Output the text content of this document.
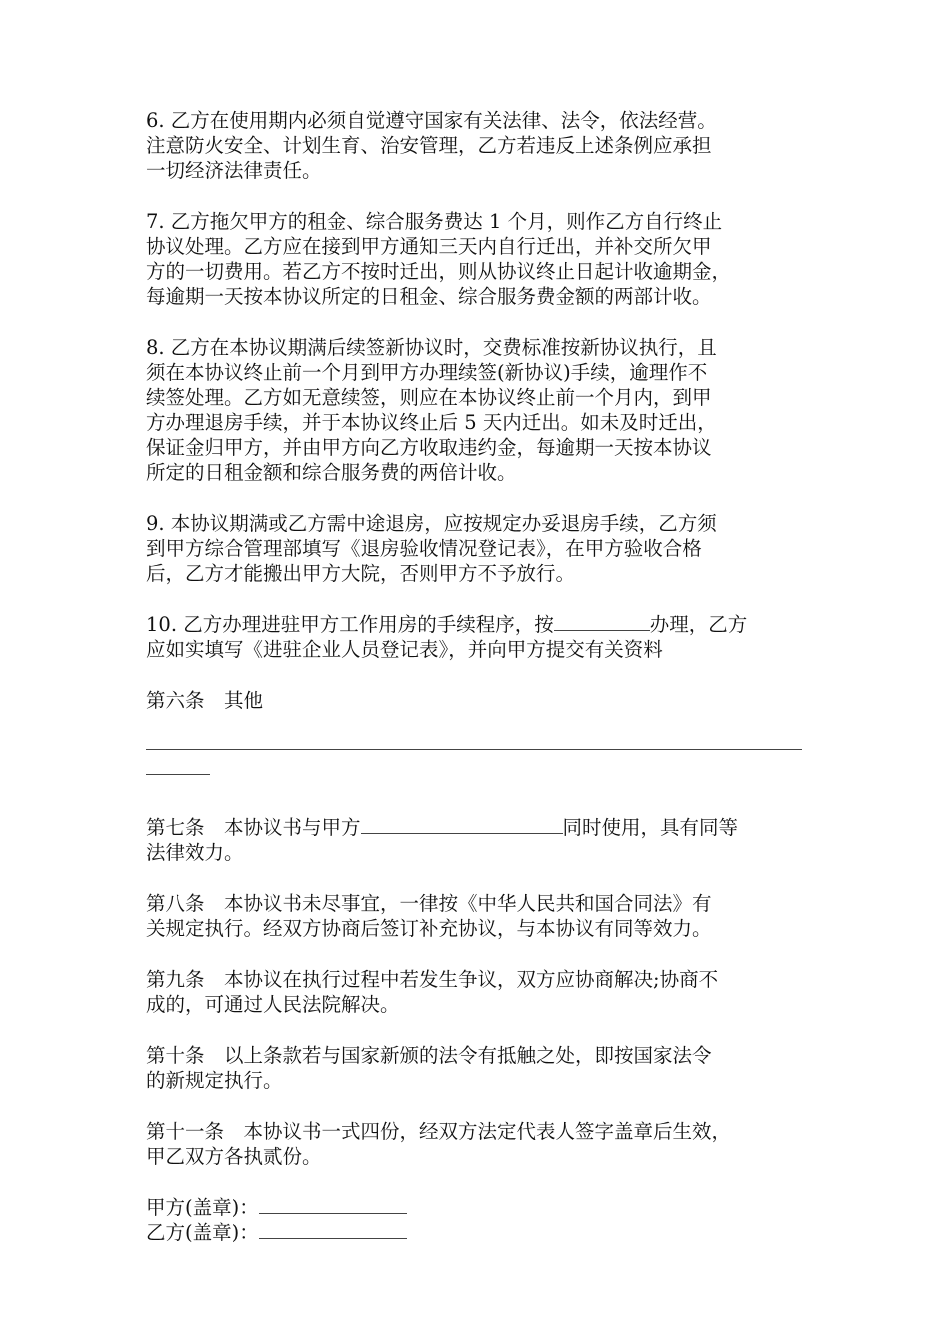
6. 乙方在使用期内必须自觉遵守国家有关法律、法令，依法经营。
注意防火安全、计划生育、治安管理，乙方若违反上述条例应承担
一切经济法律责任。
7. 乙方拖欠甲方的租金、综合服务费达 1 个月，则作乙方自行终止
协议处理。乙方应在接到甲方通知三天内自行迁出，并补交所欠甲
方的一切费用。若乙方不按时迁出，则从协议终止日起计收逾期金，
每逾期一天按本协议所定的日租金、综合服务费金额的两部计收。
8. 乙方在本协议期满后续签新协议时，交费标准按新协议执行，且
须在本协议终止前一个月到甲方办理续签(新协议)手续，逾理作不
续签处理。乙方如无意续签，则应在本协议终止前一个月内，到甲
方办理退房手续，并于本协议终止后 5 天内迁出。如未及时迁出，
保证金归甲方，并由甲方向乙方收取违约金，每逾期一天按本协议
所定的日租金额和综合服务费的两倍计收。
9. 本协议期满或乙方需中途退房，应按规定办妥退房手续，乙方须
到甲方综合管理部填写《退房验收情况登记表》，在甲方验收合格
后，乙方才能搬出甲方大院，否则甲方不予放行。
10. 乙方办理进驻甲方工作用房的手续程序，按	办理，乙方
应如实填写《进驻企业人员登记表》，并向甲方提交有关资料
第六条　其他
第七条　本协议书与甲方	同时使用，具有同等
法律效力。
第八条　本协议书未尽事宜，一律按《中华人民共和国合同法》有
关规定执行。经双方协商后签订补充协议，与本协议有同等效力。
第九条　本协议在执行过程中若发生争议，双方应协商解决;协商不
成的，可通过人民法院解决。
第十条　以上条款若与国家新颁的法令有抵触之处，即按国家法令
的新规定执行。
第十一条　本协议书一式四份，经双方法定代表人签字盖章后生效，
甲乙双方各执贰份。
甲方(盖章)：
乙方(盖章)：
